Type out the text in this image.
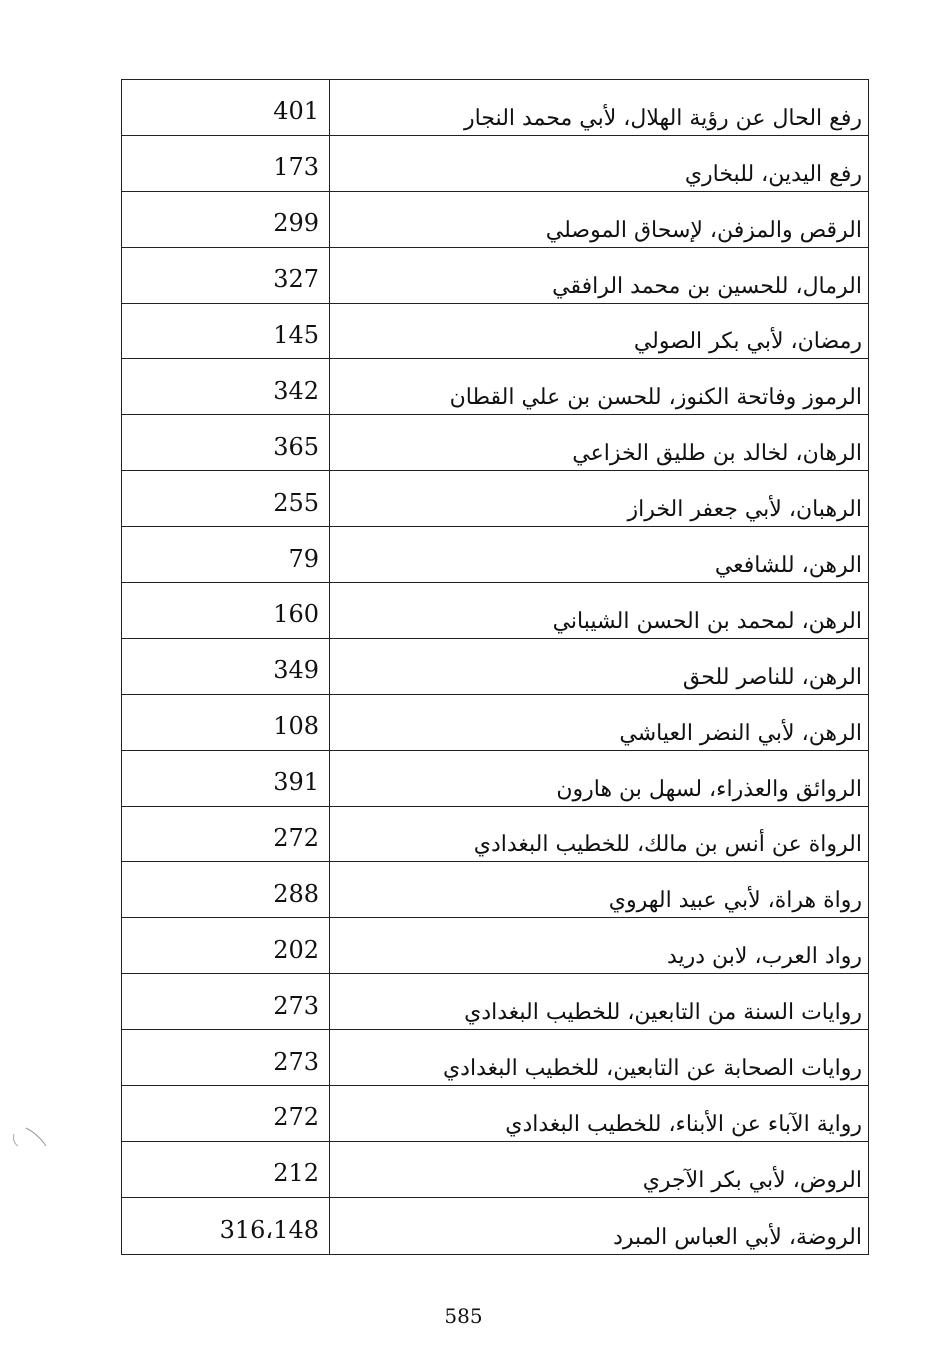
401	رفع الحال عن رؤية الهلال، لأبي محمد النجار
173	رفع اليدين، للبخاري
299	الرقص والمزفن، لإسحاق الموصلي
327	الرمال، للحسين بن محمد الرافقي
145	رمضان، لأبي بكر الصولي
342	الرموز وفاتحة الكنوز، للحسن بن علي القطان
365	الرهان، لخالد بن طليق الخزاعي
255	الرهبان، لأبي جعفر الخراز
79	الرهن، للشافعي
160	الرهن، لمحمد بن الحسن الشيباني
349	الرهن، للناصر للحق
108	الرهن، لأبي النضر العياشي
391	الروائق والعذراء، لسهل بن هارون
272	الرواة عن أنس بن مالك، للخطيب البغدادي
288	رواة هراة، لأبي عبيد الهروي
202	رواد العرب، لابن دريد
273	روايات السنة من التابعين، للخطيب البغدادي
273	روايات الصحابة عن التابعين، للخطيب البغدادي
272	رواية الآباء عن الأبناء، للخطيب البغدادي
212	الروض، لأبي بكر الآجري
316،148	الروضة، لأبي العباس المبرد
585
